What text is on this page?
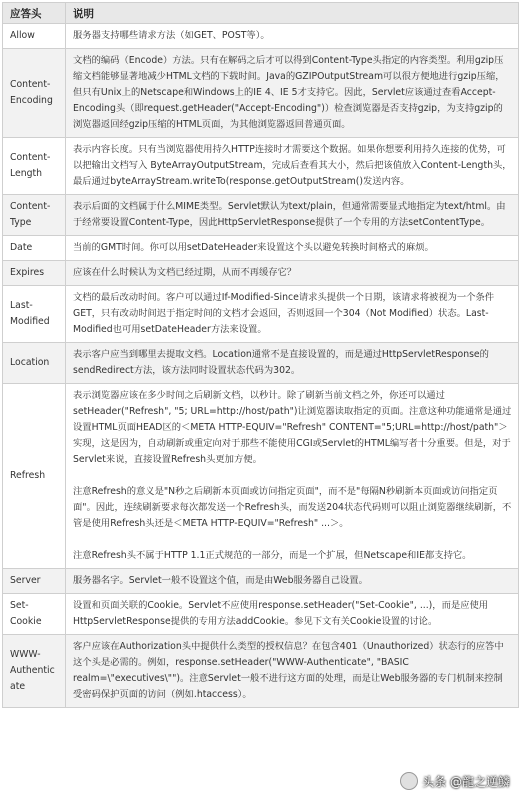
应答头	说明
Allow	服务器支持哪些请求方法（如GET、POST等）。

Content-Encoding	文档的编码（Encode）方法。只有在解码之后才可以得到Content-Type头指定的内容类型。利用gzip压缩文档能够显著地减少HTML文档的下载时间。Java的GZIPOutputStream可以很方便地进行gzip压缩，但只有Unix上的Netscape和Windows上的IE 4、IE 5才支持它。因此，Servlet应该通过查看Accept-Encoding头（即request.getHeader("Accept-Encoding")）检查浏览器是否支持gzip，为支持gzip的浏览器返回经gzip压缩的HTML页面，为其他浏览器返回普通页面。

Content-Length	表示内容长度。只有当浏览器使用持久HTTP连接时才需要这个数据。如果你想要利用持久连接的优势，可以把输出文档写入 ByteArrayOutputStream，完成后查看其大小，然后把该值放入Content-Length头，最后通过byteArrayStream.writeTo(response.getOutputStream()发送内容。

Content-Type	表示后面的文档属于什么MIME类型。Servlet默认为text/plain，但通常需要显式地指定为text/html。由于经常要设置Content-Type，因此HttpServletResponse提供了一个专用的方法setContentType。

Date	当前的GMT时间。你可以用setDateHeader来设置这个头以避免转换时间格式的麻烦。

Expires	应该在什么时候认为文档已经过期，从而不再缓存它？

Last-Modified	文档的最后改动时间。客户可以通过If-Modified-Since请求头提供一个日期，该请求将被视为一个条件GET，只有改动时间迟于指定时间的文档才会返回，否则返回一个304（Not Modified）状态。Last-Modified也可用setDateHeader方法来设置。

Location	表示客户应当到哪里去提取文档。Location通常不是直接设置的，而是通过HttpServletResponse的sendRedirect方法，该方法同时设置状态代码为302。

Refresh	表示浏览器应该在多少时间之后刷新文档，以秒计。除了刷新当前文档之外，你还可以通过setHeader("Refresh", "5; URL=http://host/path")让浏览器读取指定的页面。注意这种功能通常是通过设置HTML页面HEAD区的＜META HTTP-EQUIV="Refresh" CONTENT="5;URL=http://host/path"＞实现，这是因为，自动刷新或重定向对于那些不能使用CGI或Servlet的HTML编写者十分重要。但是，对于Servlet来说，直接设置Refresh头更加方便。

注意Refresh的意义是"N秒之后刷新本页面或访问指定页面"，而不是"每隔N秒刷新本页面或访问指定页面"。因此，连续刷新要求每次都发送一个Refresh头，而发送204状态代码则可以阻止浏览器继续刷新，不管是使用Refresh头还是＜META HTTP-EQUIV="Refresh" ...＞。

注意Refresh头不属于HTTP 1.1正式规范的一部分，而是一个扩展，但Netscape和IE都支持它。

Server	服务器名字。Servlet一般不设置这个值，而是由Web服务器自己设置。

Set-Cookie	设置和页面关联的Cookie。Servlet不应使用response.setHeader("Set-Cookie", ...)，而是应使用HttpServletResponse提供的专用方法addCookie。参见下文有关Cookie设置的讨论。

WWW-Authenticate	客户应该在Authorization头中提供什么类型的授权信息？在包含401（Unauthorized）状态行的应答中这个头是必需的。例如，response.setHeader("WWW-Authenticate", "BASIC realm=\"executives\"")。注意Servlet一般不进行这方面的处理，而是让Web服务器的专门机制来控制受密码保护页面的访问（例如.htaccess）。

头条 @龍之逆鱗
